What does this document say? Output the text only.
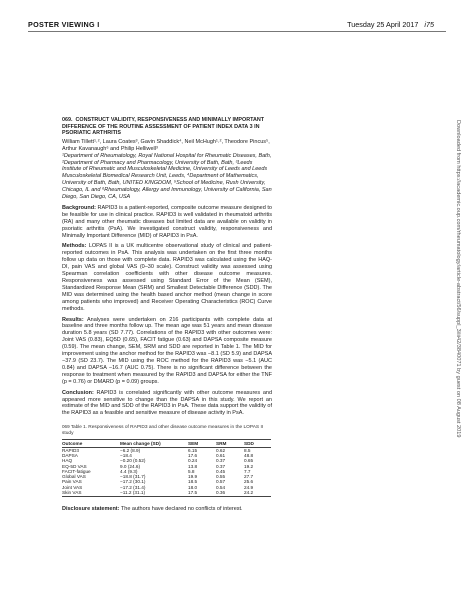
POSTER VIEWING I	Tuesday 25 April 2017 i75
Downloaded from https://academic.oup.com/rheumatology/article-abstract/56/suppl_3/iii42/3840071 by guest on 08 August 2019
069. CONSTRUCT VALIDITY, RESPONSIVENESS AND MINIMALLY IMPORTANT DIFFERENCE OF THE ROUTINE ASSESSMENT OF PATIENT INDEX DATA 3 IN PSORIATIC ARTHRITIS
William Tillett¹˒², Laura Coates³, Gavin Shaddick⁴, Neil McHugh¹˒², Theodore Pincus⁵, Arthur Kavanaugh⁶ and Philip Helliwell³
¹Department of Rheumatology, Royal National Hospital for Rheumatic Diseases, Bath, ²Department of Pharmacy and Pharmacology, University of Bath, Bath, ³Leeds Institute of Rheumatic and Musculoskeletal Medicine, University of Leeds and Leeds Musculoskeletal Biomedical Research Unit, Leeds, ⁴Department of Mathematics, University of Bath, Bath, UNITED KINGDOM, ⁵School of Medicine, Rush University, Chicago, IL and ⁶Rheumatology, Allergy and Immunology, University of California, San Diego, San Diego, CA, USA
Background: RAPID3 is a patient-reported, composite outcome measure designed to be feasible for use in clinical practice. RAPID3 is well validated in rheumatoid arthritis (RA) and many other rheumatic diseases but limited data are available on validity in psoriatic arthritis (PsA). We investigated construct validity, responsiveness and Minimally Important Difference (MID) of RAPID3 in PsA.
Methods: LOPAS II is a UK multicentre observational study of clinical and patient-reported outcomes in PsA. This analysis was undertaken on the first three months follow up data on those with complete data. RAPID3 was calculated using the HAQ-DI, pain VAS and global VAS (0–30 scale). Construct validity was assessed using Spearman correlation coefficients with other disease outcome measures. Responsiveness was assessed using Standard Error of the Mean (SEM), Standardized Response Mean (SRM) and Smallest Detectable Difference (SDD). The MID was determined using the health based anchor method (mean change in score among patients who improved) and Receiver Operating Characteristics (ROC) Curve methods.
Results: Analyses were undertaken on 216 participants with complete data at baseline and three months follow up. The mean age was 51 years and mean disease duration 5.8 years (SD 7.77). Correlations of the RAPID3 with other outcomes were: Joint VAS (0.83), EQ5D (0.65), FACIT fatigue (0.63) and DAPSA composite measure (0.59). The mean change, SEM, SRM and SDD are reported in Table 1. The MID for improvement using the anchor method for the RAPID3 was −8.1 (SD 5.9) and DAPSA −37.9 (SD 23.7). The MID using the ROC method for the RAPID3 was −5.1 (AUC 0.84) and DAPSA −16.7 (AUC 0.75). There is no significant difference between the response to treatment when measured by the RAPID3 and DAPSA for either the TNF (p = 0.76) or DMARD (p = 0.09) groups.
Conclusion: RAPID3 is correlated significantly with other outcome measures and appeared more sensitive to change than the DAPSA in this study. We report an estimate of the MID and SDD of the RAPID3 in PsA. These data support the validity of the RAPID3 as a feasible and sensitive measure of disease activity in PsA.
069 Table 1. Responsiveness of RAPID3 and other disease outcome measures in the LOPAS II study
Outcome	Mean change (SD)	SEM	SRM	SDD
RAPID3	−6.2 (8.9)	6.15	0.62	8.5
DAPSA	−18.4	17.6	0.61	48.8
HAQ	−0.20 (0.52)	0.24	0.37	0.65
EQ-5D VAS	9.0 (24.6)	13.8	0.37	19.2
FACIT-fatigue	4.4 (9.3)	5.8	0.45	7.7
Global VAS	−18.8 (31.7)	19.9	0.55	27.7
Pain VAS	−17.2 (30.1)	18.5	0.57	25.6
Joint VAS	−17.2 (31.4)	18.0	0.54	24.9
Skin VAS	−11.2 (31.1)	17.5	0.36	24.2
Disclosure statement: The authors have declared no conflicts of interest.
